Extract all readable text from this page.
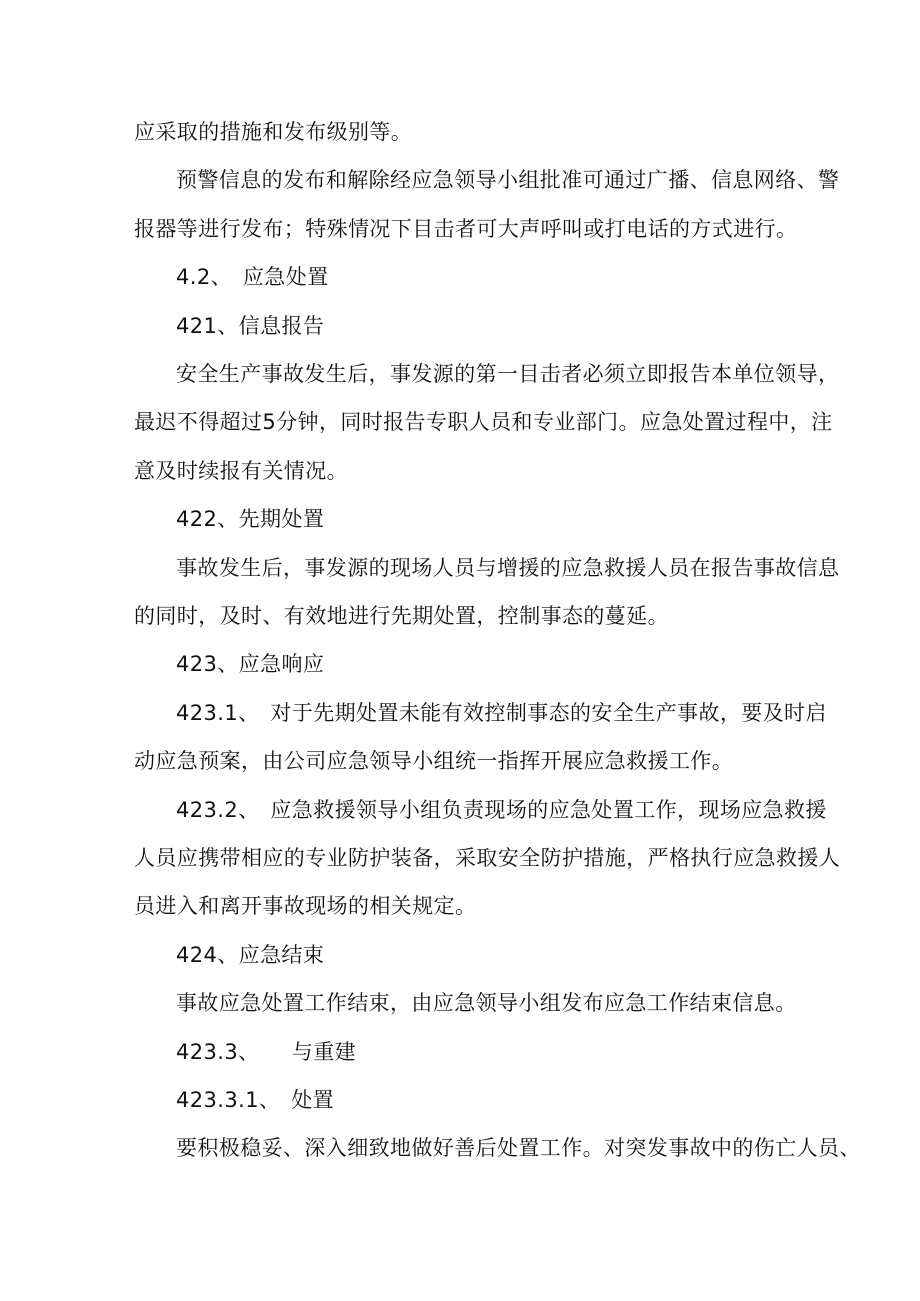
应采取的措施和发布级别等。
预警信息的发布和解除经应急领导小组批准可通过广播、信息网络、警
报器等进行发布；特殊情况下目击者可大声呼叫或打电话的方式进行。
4.2、　应急处置
421、信息报告
安全生产事故发生后，事发源的第一目击者必须立即报告本单位领导，
最迟不得超过5分钟，同时报告专职人员和专业部门。应急处置过程中，注
意及时续报有关情况。
422、先期处置
事故发生后，事发源的现场人员与增援的应急救援人员在报告事故信息
的同时，及时、有效地进行先期处置，控制事态的蔓延。
423、应急响应
423.1、　对于先期处置未能有效控制事态的安全生产事故，要及时启
动应急预案，由公司应急领导小组统一指挥开展应急救援工作。
423.2、　应急救援领导小组负责现场的应急处置工作，现场应急救援
人员应携带相应的专业防护装备，采取安全防护措施，严格执行应急救援人
员进入和离开事故现场的相关规定。
424、应急结束
事故应急处置工作结束，由应急领导小组发布应急工作结束信息。
423.3、　　与重建
423.3.1、　处置
要积极稳妥、深入细致地做好善后处置工作。对突发事故中的伤亡人员、
